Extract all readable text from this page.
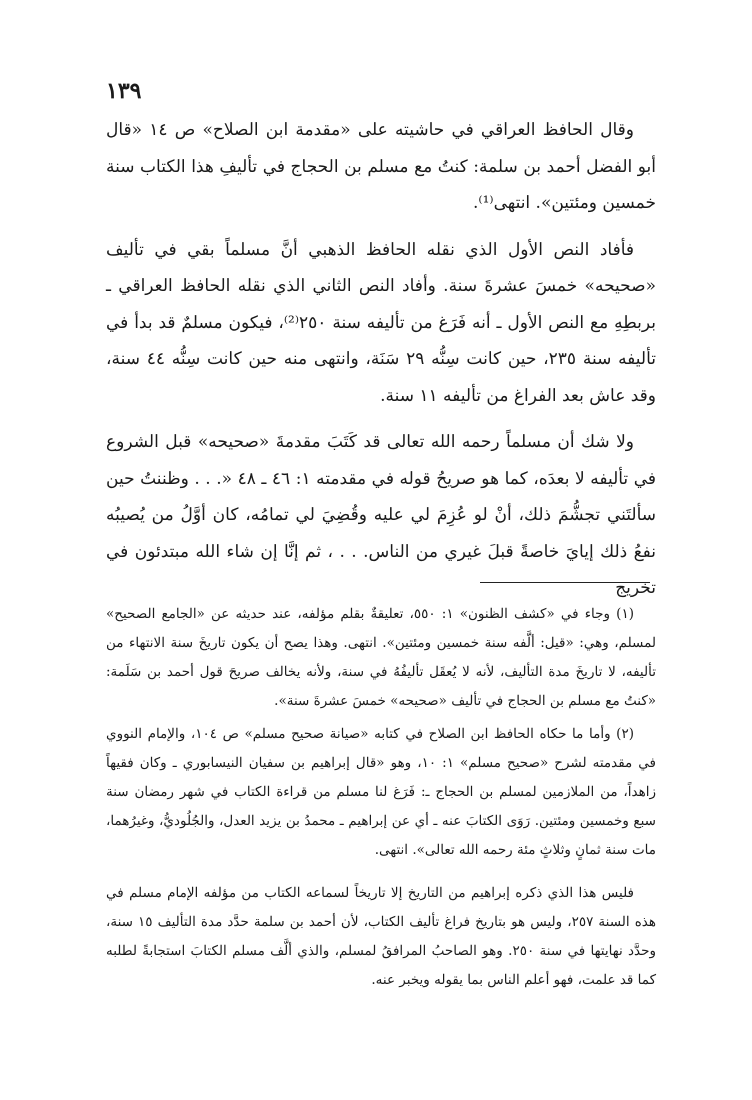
١٣٩

وقال الحافظ العراقي في حاشيته على «مقدمة ابن الصلاح» ص ١٤ «قال أبو الفضل أحمد بن سلمة: كنتُ مع مسلم بن الحجاج في تأليفِ هذا الكتاب سنة خمسين ومئتين». انتهى⁽¹⁾.

فأفاد النص الأول الذي نقله الحافظ الذهبي أنَّ مسلماً بقي في تأليف «صحيحه» خمسَ عشرةَ سنة. وأفاد النص الثاني الذي نقله الحافظ العراقي ـ بربطِهِ مع النص الأول ـ أنه فَرَغ من تأليفه سنة ٢٥٠⁽²⁾، فيكون مسلمٌ قد بدأ في تأليفه سنة ٢٣٥، حين كانت سِنُّه ٢٩ سَنَة، وانتهى منه حين كانت سِنُّه ٤٤ سنة، وقد عاش بعد الفراغ من تأليفه ١١ سنة.

ولا شك أن مسلماً رحمه الله تعالى قد كَتَبَ مقدمةَ «صحيحه» قبل الشروع في تأليفه لا بعدَه، كما هو صريحُ قوله في مقدمته ١: ٤٦ ـ ٤٨ «. . . وظننتُ حين سألتَني تجشُّمَ ذلك، أنْ لو عُزِمَ لي عليه وقُضِيَ لي تمامُه، كان أوَّلُ من يُصيبُه نفعُ ذلك إيايَ خاصةً قبلَ غيري من الناس. . . ، ثم إنَّا إن شاء الله مبتدئون في تخريج

(١) وجاء في «كشف الظنون» ١: ٥٥٠، تعليقةٌ بقلم مؤلفه، عند حديثه عن «الجامع الصحيح» لمسلم، وهي: «قيل: ألَّفه سنة خمسين ومئتين». انتهى. وهذا يصح أن يكون تاريخَ سنة الانتهاء من تأليفه، لا تاريخَ مدة التأليف، لأنه لا يُعقَل تأليفُهُ في سنة، ولأنه يخالف صريحَ قول أحمد بن سَلَمة: «كنتُ مع مسلم بن الحجاج في تأليف «صحيحه» خمسَ عشرةَ سنة».

(٢) وأما ما حكاه الحافظ ابن الصلاح في كتابه «صيانة صحيح مسلم» ص ١٠٤، والإمام النووي في مقدمته لشرح «صحيح مسلم» ١: ١٠، وهو «قال إبراهيم بن سفيان النيسابوري ـ وكان فقيهاً زاهداً، من الملازمين لمسلم بن الحجاج ـ: فَرَغ لنا مسلم من قراءة الكتاب في شهر رمضان سنة سبع وخمسين ومئتين. رَوَى الكتابَ عنه ـ أي عن إبراهيم ـ محمدُ بن يزيد العدل، والجُلُوديُّ، وغيرُهما، مات سنة ثمانٍ وثلاثٍ مئة رحمه الله تعالى». انتهى.

فليس هذا الذي ذكره إبراهيم من التاريخ إلا تاريخاً لسماعه الكتاب من مؤلفه الإمام مسلم في هذه السنة ٢٥٧، وليس هو بتاريخ فراغ تأليف الكتاب، لأن أحمد بن سلمة حدَّد مدة التأليف ١٥ سنة، وحدَّد نهايتها في سنة ٢٥٠. وهو الصاحبُ المرافقُ لمسلم، والذي ألَّف مسلم الكتابَ استجابةً لطلبه كما قد علمت، فهو أعلم الناس بما يقوله ويخبر عنه.
